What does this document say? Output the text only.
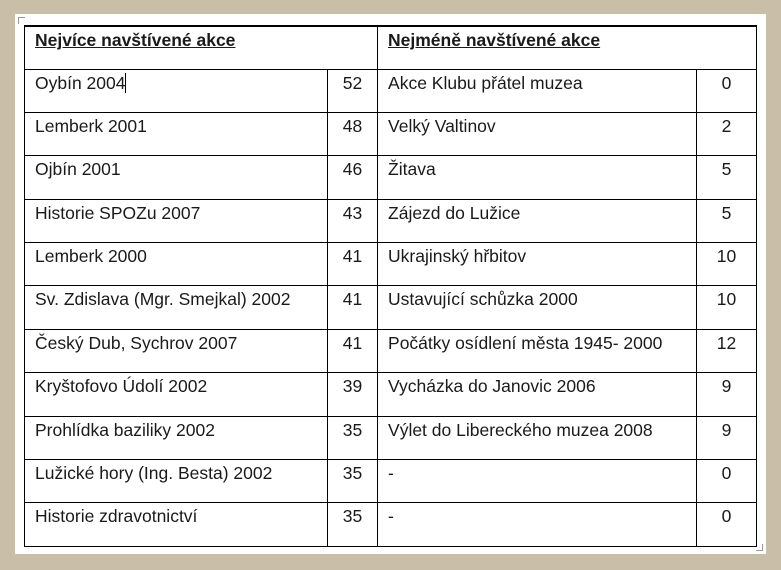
Nejvíce navštívené akce		Nejméně navštívené akce	
Oybín 2004	52	Akce Klubu přátel muzea	0
Lemberk 2001	48	Velký Valtinov	2
Ojbín 2001	46	Žitava	5
Historie SPOZu 2007	43	Zájezd do Lužice	5
Lemberk 2000	41	Ukrajinský hřbitov	10
Sv. Zdislava (Mgr. Smejkal) 2002	41	Ustavující schůzka 2000	10
Český Dub, Sychrov 2007	41	Počátky osídlení města 1945- 2000	12
Kryštofovo Údolí 2002	39	Vycházka do Janovic 2006	9
Prohlídka baziliky 2002	35	Výlet do Libereckého muzea 2008	9
Lužické hory (Ing. Besta) 2002	35	-	0
Historie zdravotnictví	35	-	0
